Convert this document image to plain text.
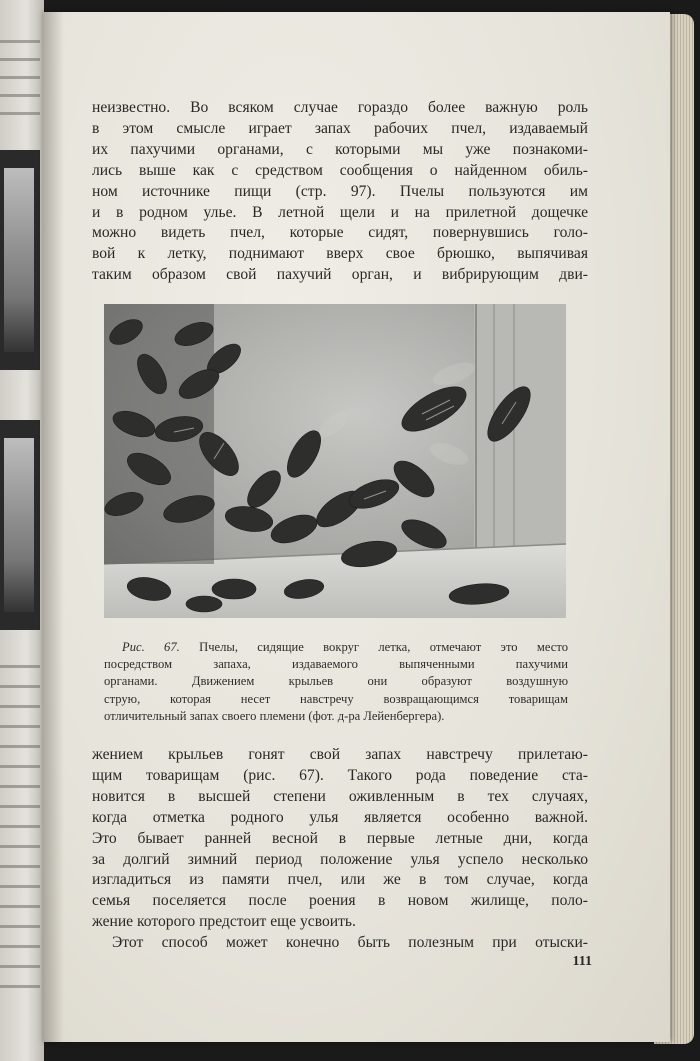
неизвестно. Во всяком случае гораздо более важную роль
в этом смысле играет запах рабочих пчел, издаваемый
их пахучими органами, с которыми мы уже познакоми-
лись выше как с средством сообщения о найденном обиль-
ном источнике пищи (стр. 97). Пчелы пользуются им
и в родном улье. В летной щели и на прилетной дощечке
можно видеть пчел, которые сидят, повернувшись голо-
вой к летку, поднимают вверх свое брюшко, выпячивая
таким образом свой пахучий орган, и вибрирующим дви-
Рис. 67. Пчелы, сидящие вокруг летка, отмечают это место
посредством запаха, издаваемого выпяченными пахучими
органами. Движением крыльев они образуют воздушную
струю, которая несет навстречу возвращающимся товарищам
отличительный запах своего племени (фот. д-ра Лейенбергера).
жением крыльев гонят свой запах навстречу прилетаю-
щим товарищам (рис. 67). Такого рода поведение ста-
новится в высшей степени оживленным в тех случаях,
когда отметка родного улья является особенно важной.
Это бывает ранней весной в первые летные дни, когда
за долгий зимний период положение улья успело несколько
изгладиться из памяти пчел, или же в том случае, когда
семья поселяется после роения в новом жилище, поло-
жение которого предстоит еще усвоить.
Этот способ может конечно быть полезным при отыски-
111
